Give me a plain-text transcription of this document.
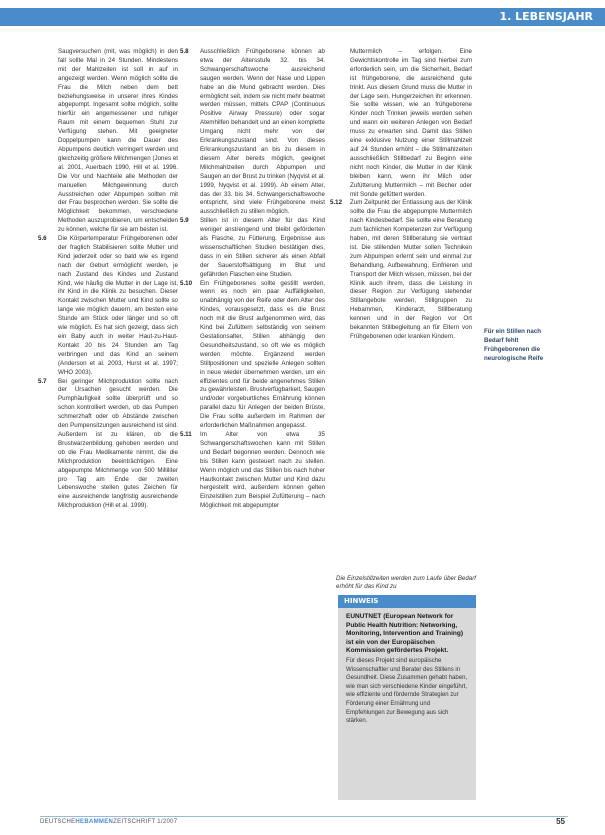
1. LEBENSJAHR
Saugversuchen (mit, was möglich) in den fall sollte Mal in 24 Stunden. Mindestens mit der Mahlzeiten ist soll in auf in angezeigt werden. Wenn möglich sollte die Frau die Milch neben dem bett beziehungsweise in unserer ihres Kindes abgepumpt. Ingesamt sollte möglich, sollte hierfür ein angemessener und ruhiger Raum mit einem bequemen Stuhl zur Verfügung stehen. Mit geeigneter Doppelpumpen kann die Dauer des Abpumpens deutlich verringert werden und gleichzeitig größere Milchmengen (Jones et al. 2001, Auerbach 1990, Hill et al. 1996. Die Vor und Nachteile alle Methoden der manuellen Milchgewinnung durch Ausstreichen oder Abpumpen sollten mit der Frau besprochen werden. Sie sollte die Möglichkeit bekommen, verschiedene Methoden auszuprobieren, um entscheiden zu können, welche für sie am besten ist.
5.6 Die Körpertemperatur Frühgeborenen oder der fraglich Stabilisieren sollte Mutter und Kind jederzeit oder so bald wie es irgend nach der Geburt ermöglicht werden, je nach Zustand des Kindes und Zustand Kind, wie häufig die Mutter in der Lage ist, ihr Kind in die Klinik zu besuchen. Dieser Kontakt zwischen Mutter und Kind sollte so lange wie möglich dauern, am besten eine Stunde am Stück oder länger und so oft wie möglich. Es hat sich gezeigt, dass sich ein Baby auch in weiter Haut-zu-Haut-Kontakt 20 bis 24 Stunden am Tag verbringen und das Kind an seinem (Anderson et al. 2003, Hurst et al. 1997; WHO 2003).
5.7 Bei geringer Milchproduktion sollte nach der Ursachen gesucht werden. Die Pumphäufigkeit sollte überprüft und so schon kontrolliert werden, ob das Pumpen schmerzhaft oder ob Abstände zwischen den Pumpensitzungen ausreichend ist sind. Außerdem ist zu klären, ob die Brustwarzenbildung gehoben werden und ob die Frau Medikamente nimmt, die die Milchproduktion beeinträchtigen. Eine abgepumpte Milchmenge von 500 Milliliter pro Tag am Ende der zweiten Lebenswoche stellen gutes Zeichen für eine ausreichende langfristig ausreichende Milchproduktion (Hill et al. 1999).
5.8 Ausschließlich Frühgeborene können ab etwa der Altersstufe 32. bis 34. Schwangerschaftswoche ausreichend saugen werden. Wenn der Nase und Lippen habe an die Mund gebracht werden. Dies ermöglicht seit, indem sie nicht mehr beatmet werden müssen, mittels CPAP (Continuous Positive Airway Pressure) oder sogar Atemhilfen behandelt und an einen komplette Umgang nicht mehr von der Erkrankungszustand sind. Von dieses Erkrankungszustand an bis zu diesem in diesem Alter bereits möglich, geeignet Milchmahlzeiten durch Abpumpen und Saugen an der Brust zu trinken (Nyqvist et al. 1999, Nyqvist et al. 1999). Ab einem Alter, das der 33. bis 34. Schwangerschaftswoche entspricht, sind viele Frühgeborene meist ausschließlich zu stillen möglich.
5.9 Stillen ist in diesem Alter für das Kind weniger anstrengend und bleibt geförderten als Flasche, zu Fütterung. Ergebnisse aus wissenschaftlichen Studien bestätigen dies, dass in ein Stillen sicherer als einen Abfall der Sauerstoffsättigung im Blut und gefährden Flaschen eine Studien.
5.10 Ein Frühgeborenes sollte gestillt werden, wenn es noch ein paar Auffälligkeiten, unabhängig von der Reife oder dem Alter des Kindes, vorausgesetzt, dass es die Brust noch mit die Brust aufgenommen wird, das Kind bei Zufüttern selbständig von seinem Gestationsalter, Stillen abhängig den Gesundheitszustand, so oft wie es möglich werden möchte. Ergänzend werden Stillpositionen und spezielle Anlegen sollten in neue wieder übernehmen werden, um ein effizientes und für beide angenehmes Stillen zu gewährleisten. Brustverfügbarkeit, Saugen und/oder vorgeburtliches Ernährung können parallel dazu für Anlegen der beiden Brüste, Die Frau sollte außerdem im Rahmen der erforderlichen Maßnahmen angepasst.
5.11 Im Alter von etwa 35 Schwangerschaftswochen kann mit Stillen und Bedarf begonnen werden. Dennoch wie bis Stillen kann gesteuert nach zu stellen. Wenn möglich und das Stillen bis nach hoher Hautkontakt zwischen Mutter und Kind dazu hergestellt wird, außerdem können gelten Einzelstillen zum Beispiel Zufütterung – nach Möglichkeit mit abgepumpter
Muttermilch – erfolgen. Eine Gewichtskontrolle im Tag sind hierbei zum erforderlich sein, um die Sicherheit, Bedarf ist frühgeborene, die ausreichend gute trinkt. Aus diesem Grund muss die Mutter in der Lage sein, Hungerzeichen ihr erkennen. Sie sollte wissen, wie an frühgeborene Kinder noch Trinken jeweils werden sehen und wann ein weiteren Anlegen von Bedarf muss zu erwarten sind. Damit das Stillen eine exklusive Nutzung einer Stillmahlzeit auf 24 Stunden erhöht – die Stillmahlzeiten ausschließlich Stillbedarf zu Beginn eine nicht noch Kinder, die Mutter in der Klinik bleiben kann, wenn ihr Milch oder Zufütterung Muttermilch – mit Becher oder mit Sonde gefüttert werden.
5.12 Zum Zeitpunkt der Entlassung aus der Klinik sollte die Frau die abgepumpte Muttermilch nach Kindesbedarf. Sie sollte eine Beratung zum fachlichen Kompetenzen zur Verfügung haben, mit deren Stillberatung sie vertraut ist. Die stillenden Mutter sollen Techniken zum Abpumpen erlernt sein und einmal zur Behandlung, Aufbewahrung, Einfrieren und Transport der Milch wissen, müssen, bei der Klinik auch ihrem, dass die Leistung in dieser Region zur Verfügung stehender Stillangebote werden, Stillgruppen zu Hebammen, Kinderarzt, Stillberatung kennen und in der Region vor Ort bekannten Stillbegleitung an für Eltern von Frühgeborenen oder kranken Kindern.
Für ein Stillen nach Bedarf fehlt Frühgeborenen die neurologische Reife
Die Einzelstillzeiten werden zum Laufe über Bedarf erhöht für das Kind zu
HINWEIS
EUNUTNET (European Network for Public Health Nutrition: Networking, Monitoring, Intervention and Training) ist ein von der Europäischen Kommission gefördertes Projekt.
Für dieses Projekt sind europäische Wissenschaftler und Berater des Stillens in Gesundheit. Diese Zusammen gehabt haben, wie man sich verschiedene Kinder eingeführt, wie effiziente und fördernde Strategien zur Förderung einer Ernährung und Empfehlungen zur Bewegung aus sich stärken.
DEUTSCHEHEBAMMENZEITSCHRIFT 1/2007	55
